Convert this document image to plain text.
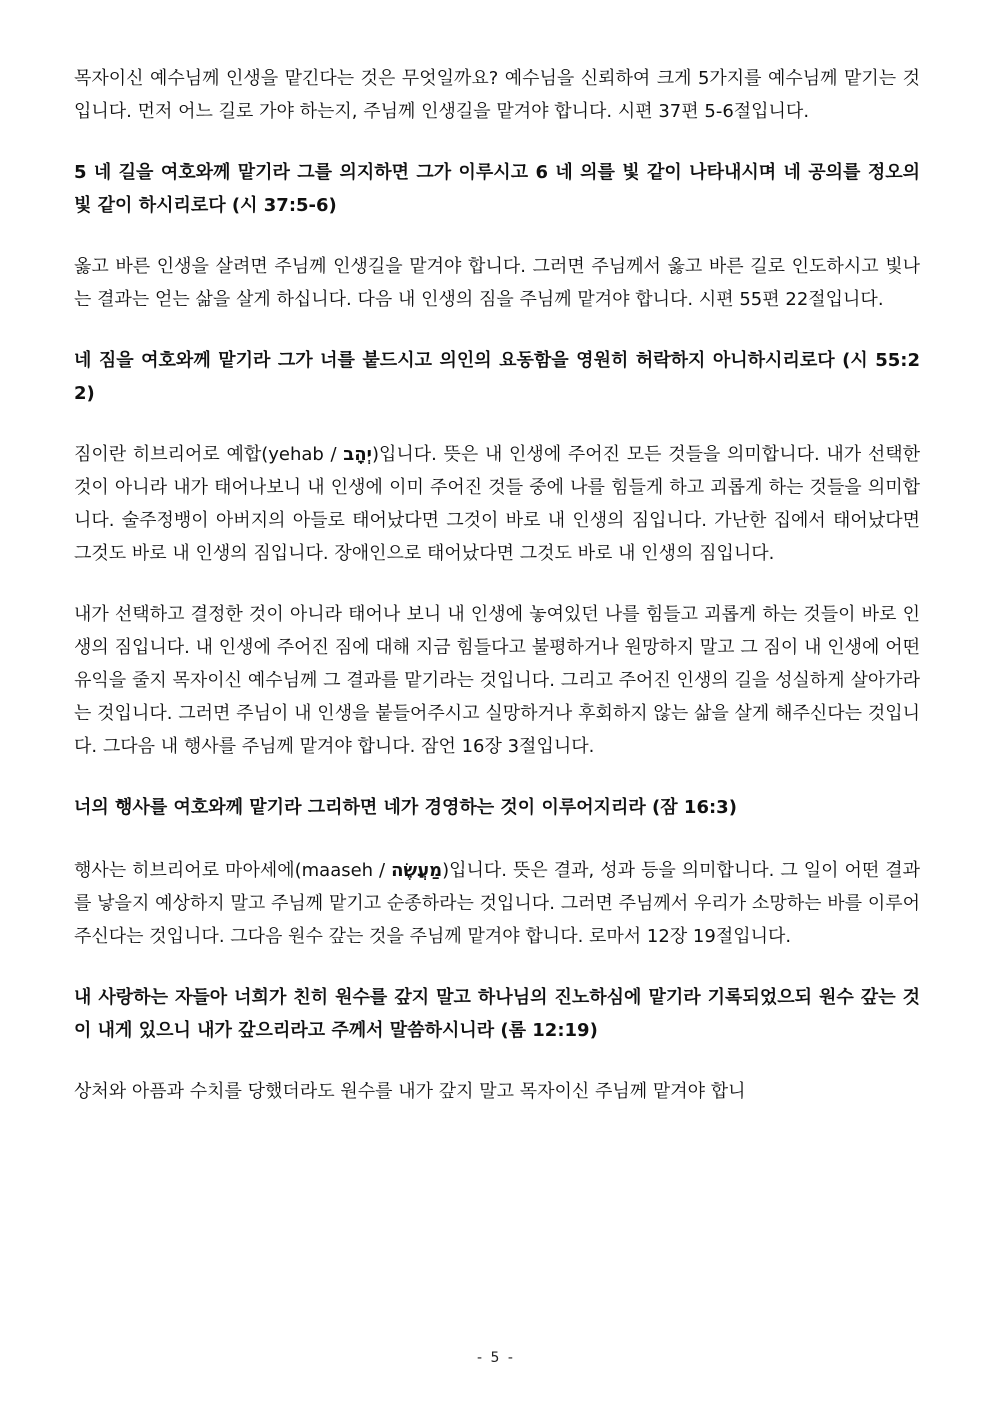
목자이신 예수님께 인생을 맡긴다는 것은 무엇일까요? 예수님을 신뢰하여 크게 5가지를 예수님께 맡기는 것입니다. 먼저 어느 길로 가야 하는지, 주님께 인생길을 맡겨야 합니다. 시편 37편 5-6절입니다.

5 네 길을 여호와께 맡기라 그를 의지하면 그가 이루시고 6 네 의를 빛 같이 나타내시며 네 공의를 정오의 빛 같이 하시리로다 (시 37:5-6)

옳고 바른 인생을 살려면 주님께 인생길을 맡겨야 합니다. 그러면 주님께서 옳고 바른 길로 인도하시고 빛나는 결과는 얻는 삶을 살게 하십니다. 다음 내 인생의 짐을 주님께 맡겨야 합니다. 시편 55편 22절입니다.

네 짐을 여호와께 맡기라 그가 너를 붙드시고 의인의 요동함을 영원히 허락하지 아니하시리로다 (시 55:22)

짐이란 히브리어로 예합(yehab / יְהָב)입니다. 뜻은 내 인생에 주어진 모든 것들을 의미합니다. 내가 선택한 것이 아니라 내가 태어나보니 내 인생에 이미 주어진 것들 중에 나를 힘들게 하고 괴롭게 하는 것들을 의미합니다. 술주정뱅이 아버지의 아들로 태어났다면 그것이 바로 내 인생의 짐입니다. 가난한 집에서 태어났다면 그것도 바로 내 인생의 짐입니다. 장애인으로 태어났다면 그것도 바로 내 인생의 짐입니다.

내가 선택하고 결정한 것이 아니라 태어나 보니 내 인생에 놓여있던 나를 힘들고 괴롭게 하는 것들이 바로 인생의 짐입니다. 내 인생에 주어진 짐에 대해 지금 힘들다고 불평하거나 원망하지 말고 그 짐이 내 인생에 어떤 유익을 줄지 목자이신 예수님께 그 결과를 맡기라는 것입니다. 그리고 주어진 인생의 길을 성실하게 살아가라는 것입니다. 그러면 주님이 내 인생을 붙들어주시고 실망하거나 후회하지 않는 삶을 살게 해주신다는 것입니다. 그다음 내 행사를 주님께 맡겨야 합니다. 잠언 16장 3절입니다.

너의 행사를 여호와께 맡기라 그리하면 네가 경영하는 것이 이루어지리라 (잠 16:3)

행사는 히브리어로 마아세에(maaseh / מַעֲשֶׂה)입니다. 뜻은 결과, 성과 등을 의미합니다. 그 일이 어떤 결과를 낳을지 예상하지 말고 주님께 맡기고 순종하라는 것입니다. 그러면 주님께서 우리가 소망하는 바를 이루어주신다는 것입니다. 그다음 원수 갚는 것을 주님께 맡겨야 합니다. 로마서 12장 19절입니다.

내 사랑하는 자들아 너희가 친히 원수를 갚지 말고 하나님의 진노하심에 맡기라 기록되었으되 원수 갚는 것이 내게 있으니 내가 갚으리라고 주께서 말씀하시니라 (롬 12:19)

상처와 아픔과 수치를 당했더라도 원수를 내가 갚지 말고 목자이신 주님께 맡겨야 합니

- 5 -
